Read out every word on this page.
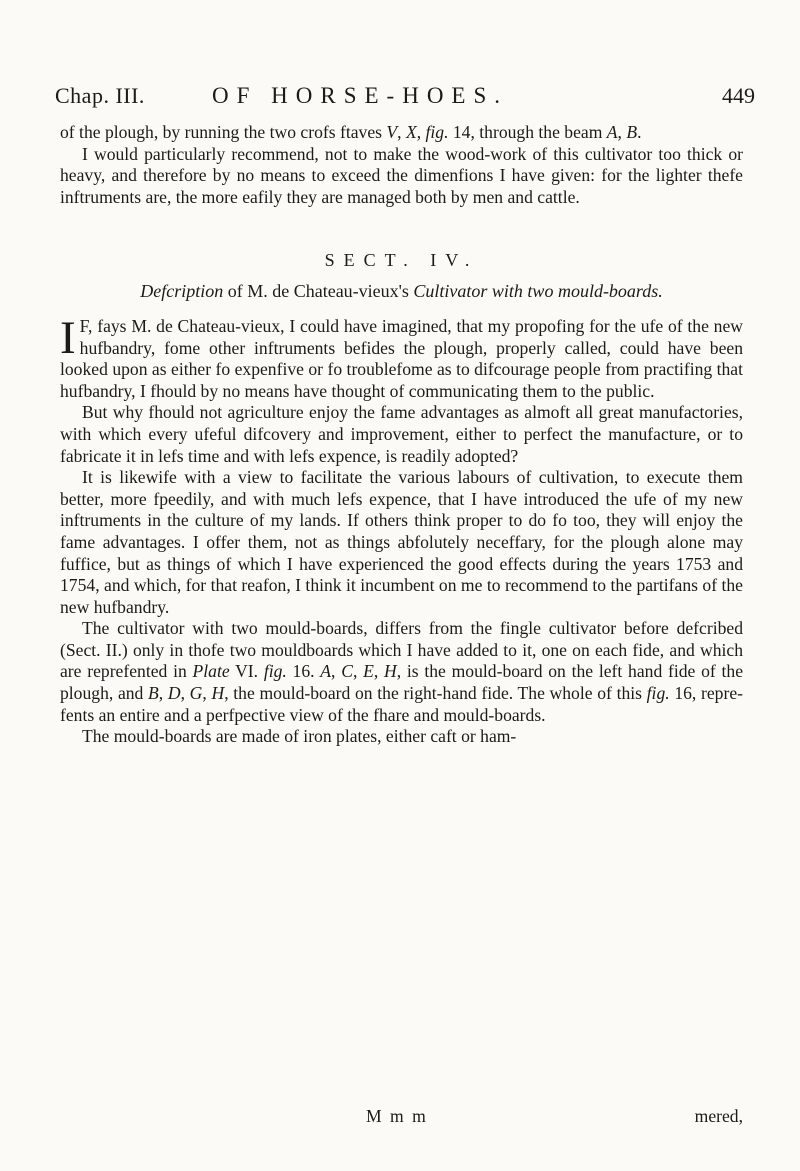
Chap. III.	OF HORSE-HOES.	449

of the plough, by running the two crofs ftaves V, X, fig. 14, through the beam A, B.

I would particularly recommend, not to make the wood-work of this cultivator too thick or heavy, and therefore by no means to exceed the dimenfions I have given: for the lighter thefe inftruments are, the more eafily they are managed both by men and cattle.

SECT. IV.
Defcription of M. de Chateau-vieux's Cultivator with two mould-boards.

I F, fays M. de Chateau-vieux, I could have imagined, that my propofing for the ufe of the new hufbandry, fome other inftruments befides the plough, properly called, could have been looked upon as either fo expenfive or fo troublefome as to difcourage people from practifing that hufbandry, I fhould by no means have thought of communicating them to the public.

But why fhould not agriculture enjoy the fame advantages as almoft all great manufactories, with which every ufeful difcovery and improvement, either to perfect the manufacture, or to fabricate it in lefs time and with lefs expence, is readily adopted?

It is likewife with a view to facilitate the various labours of cultivation, to execute them better, more fpeedily, and with much lefs expence, that I have introduced the ufe of my new inftruments in the culture of my lands. If others think proper to do fo too, they will enjoy the fame advantages. I offer them, not as things abfolutely neceffary, for the plough alone may fuffice, but as things of which I have experienced the good effects during the years 1753 and 1754, and which, for that reafon, I think it incumbent on me to recommend to the partifans of the new hufbandry.

The cultivator with two mould-boards, differs from the fingle cultivator before defcribed (Sect. II.) only in thofe two mouldboards which I have added to it, one on each fide, and which are reprefented in Plate VI. fig. 16. A, C, E, H, is the mould-board on the left hand fide of the plough, and B, D, G, H, the mould-board on the right-hand fide. The whole of this fig. 16, reprefents an entire and a perfpective view of the fhare and mould-boards.

The mould-boards are made of iron plates, either caft or ham-

M m m	mered,
